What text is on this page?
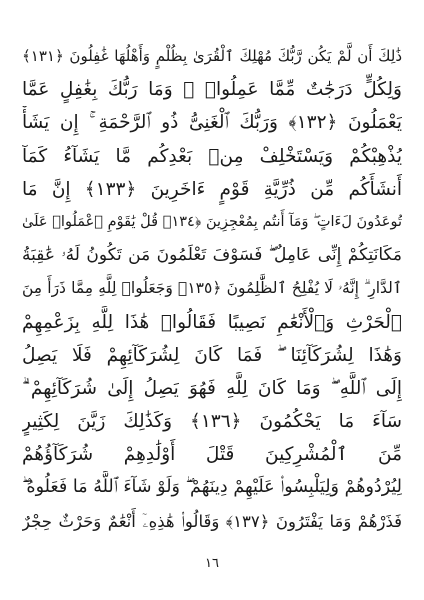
ذَٰلِكَ أَن لَّمْ يَكُن رَّبُّكَ مُهْلِكَ ٱلْقُرَىٰ بِظُلْمٍ وَأَهْلُهَا غَٰفِلُونَ ﴿١٣١﴾
وَلِكُلٍّ دَرَجَٰتٌ مِّمَّا عَمِلُوا۟ ۚ وَمَا رَبُّكَ بِغَٰفِلٍ عَمَّا
يَعْمَلُونَ ﴿١٣٢﴾ وَرَبُّكَ ٱلْغَنِىُّ ذُو ٱلرَّحْمَةِ ۚ إِن يَشَأْ
يُذْهِبْكُمْ وَيَسْتَخْلِفْ مِنۢ بَعْدِكُم مَّا يَشَآءُ كَمَآ
أَنشَأَكُم مِّن ذُرِّيَّةِ قَوْمٍ ءَاخَرِينَ ﴿١٣٣﴾ إِنَّ مَا
تُوعَدُونَ لَءَاتٍ ۖ وَمَآ أَنتُم بِمُعْجِزِينَ ﴿١٣٤﴾ قُلْ يَٰقَوْمِ ٱعْمَلُوا۟ عَلَىٰ
مَكَانَتِكُمْ إِنِّى عَامِلٌ ۖ فَسَوْفَ تَعْلَمُونَ مَن تَكُونُ لَهُۥ عَٰقِبَةُ
ٱلدَّارِ ۗ إِنَّهُۥ لَا يُفْلِحُ ٱلظَّٰلِمُونَ ﴿١٣٥﴾ وَجَعَلُوا۟ لِلَّهِ مِمَّا ذَرَأَ مِنَ
ٱلْحَرْثِ وَٱلْأَنْعَٰمِ نَصِيبًا فَقَالُوا۟ هَٰذَا لِلَّهِ بِزَعْمِهِمْ
وَهَٰذَا لِشُرَكَآئِنَا ۖ فَمَا كَانَ لِشُرَكَآئِهِمْ فَلَا يَصِلُ
إِلَى ٱللَّهِ ۖ وَمَا كَانَ لِلَّهِ فَهُوَ يَصِلُ إِلَىٰ شُرَكَآئِهِمْ ۗ
سَآءَ مَا يَحْكُمُونَ ﴿١٣٦﴾ وَكَذَٰلِكَ زَيَّنَ لِكَثِيرٍ
مِّنَ ٱلْمُشْرِكِينَ قَتْلَ أَوْلَٰدِهِمْ شُرَكَآؤُهُمْ
لِيُرْدُوهُمْ وَلِيَلْبِسُوا۟ عَلَيْهِمْ دِينَهُمْ ۖ وَلَوْ شَآءَ ٱللَّهُ مَا فَعَلُوهُ ۖ
فَذَرْهُمْ وَمَا يَفْتَرُونَ ﴿١٣٧﴾ وَقَالُوا۟ هَٰذِهِۦٓ أَنْعَٰمٌ وَحَرْثٌ حِجْرٌ
١٦
